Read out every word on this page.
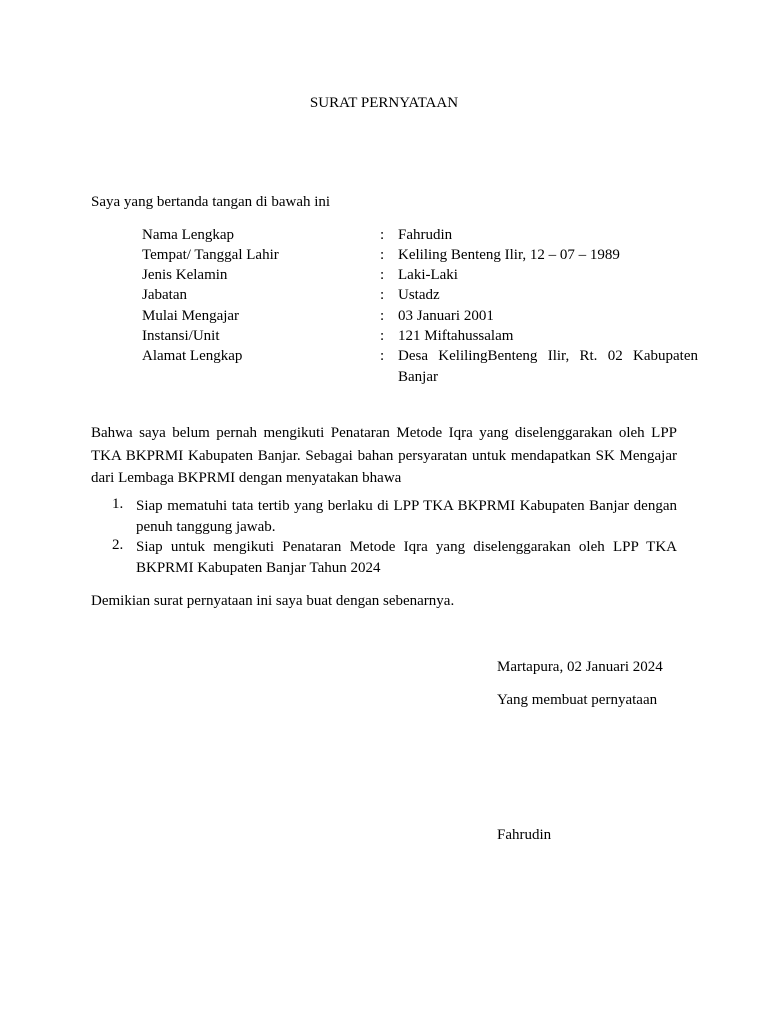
SURAT PERNYATAAN

Saya yang bertanda tangan di bawah ini

Nama Lengkap	: Fahrudin
Tempat/ Tanggal Lahir	: Keliling Benteng Ilir, 12 – 07 – 1989
Jenis Kelamin	: Laki-Laki
Jabatan	: Ustadz
Mulai Mengajar	: 03 Januari 2001
Instansi/Unit	: 121 Miftahussalam
Alamat Lengkap	: Desa KelilingBenteng Ilir, Rt. 02 Kabupaten Banjar

Bahwa saya belum pernah mengikuti Penataran Metode Iqra yang diselenggarakan oleh LPP TKA BKPRMI Kabupaten Banjar. Sebagai bahan persyaratan untuk mendapatkan SK Mengajar dari Lembaga BKPRMI dengan menyatakan bhawa

1. Siap mematuhi tata tertib yang berlaku di LPP TKA BKPRMI Kabupaten Banjar dengan penuh tanggung jawab.
2. Siap untuk mengikuti Penataran Metode Iqra yang diselenggarakan oleh LPP TKA BKPRMI Kabupaten Banjar Tahun 2024

Demikian surat pernyataan ini saya buat dengan sebenarnya.

Martapura, 02 Januari 2024

Yang membuat pernyataan

Fahrudin
